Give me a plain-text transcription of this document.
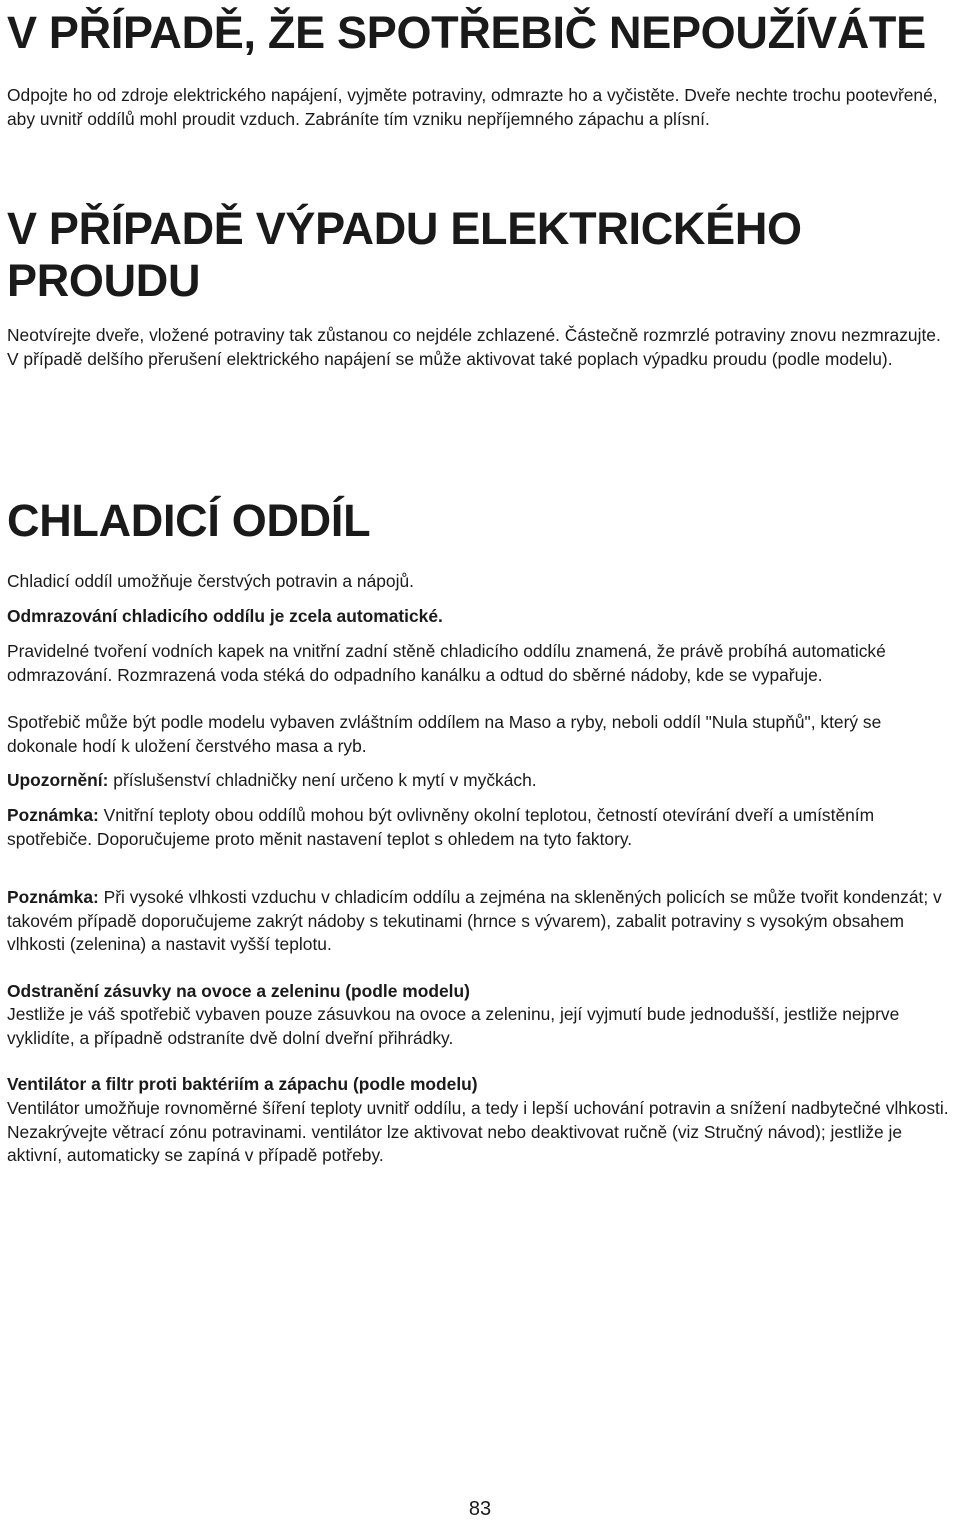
V PŘÍPADĚ, ŽE SPOTŘEBIČ NEPOUŽÍVÁTE

Odpojte ho od zdroje elektrického napájení, vyjměte potraviny, odmrazte ho a vyčistěte. Dveře nechte trochu pootevřené, aby uvnitř oddílů mohl proudit vzduch. Zabráníte tím vzniku nepříjemného zápachu a plísní.

V PŘÍPADĚ VÝPADU ELEKTRICKÉHO PROUDU

Neotvírejte dveře, vložené potraviny tak zůstanou co nejdéle zchlazené. Částečně rozmrzlé potraviny znovu nezmrazujte. V případě delšího přerušení elektrického napájení se může aktivovat také poplach výpadku proudu (podle modelu).

CHLADICÍ ODDÍL

Chladicí oddíl umožňuje čerstvých potravin a nápojů.

Odmrazování chladicího oddílu je zcela automatické.

Pravidelné tvoření vodních kapek na vnitřní zadní stěně chladicího oddílu znamená, že právě probíhá automatické odmrazování. Rozmrazená voda stéká do odpadního kanálku a odtud do sběrné nádoby, kde se vypařuje.

Spotřebič může být podle modelu vybaven zvláštním oddílem na Maso a ryby, neboli oddíl "Nula stupňů", který se dokonale hodí k uložení čerstvého masa a ryb.

Upozornění: příslušenství chladničky není určeno k mytí v myčkách.

Poznámka: Vnitřní teploty obou oddílů mohou být ovlivněny okolní teplotou, četností otevírání dveří a umístěním spotřebiče. Doporučujeme proto měnit nastavení teplot s ohledem na tyto faktory.

Poznámka: Při vysoké vlhkosti vzduchu v chladicím oddílu a zejména na skleněných policích se může tvořit kondenzát; v takovém případě doporučujeme zakrýt nádoby s tekutinami (hrnce s vývarem), zabalit potraviny s vysokým obsahem vlhkosti (zelenina) a nastavit vyšší teplotu.

Odstranění zásuvky na ovoce a zeleninu (podle modelu)

Jestliže je váš spotřebič vybaven pouze zásuvkou na ovoce a zeleninu, její vyjmutí bude jednodušší, jestliže nejprve vyklidíte, a případně odstraníte dvě dolní dveřní přihrádky.

Ventilátor a filtr proti baktériím a zápachu (podle modelu)

Ventilátor umožňuje rovnoměrné šíření teploty uvnitř oddílu, a tedy i lepší uchování potravin a snížení nadbytečné vlhkosti. Nezakrývejte větrací zónu potravinami. ventilátor lze aktivovat nebo deaktivovat ručně (viz Stručný návod); jestliže je aktivní, automaticky se zapíná v případě potřeby.

83
